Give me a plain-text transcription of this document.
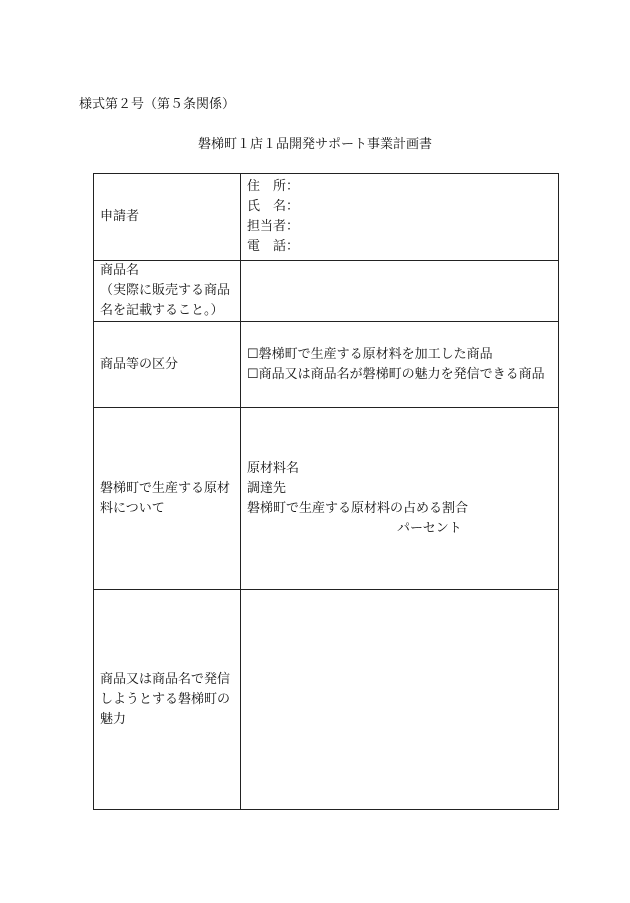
様式第２号（第５条関係）
磐梯町１店１品開発サポート事業計画書
申請者	住　所：
氏　名：
担当者：
電　話：

商品名
（実際に販売する商品名を記載すること。）	

商品等の区分	☐磐梯町で生産する原材料を加工した商品
☐商品又は商品名が磐梯町の魅力を発信できる商品

磐梯町で生産する原材料について	原材料名
調達先
磐梯町で生産する原材料の占める割合
パーセント

商品又は商品名で発信しようとする磐梯町の魅力	
